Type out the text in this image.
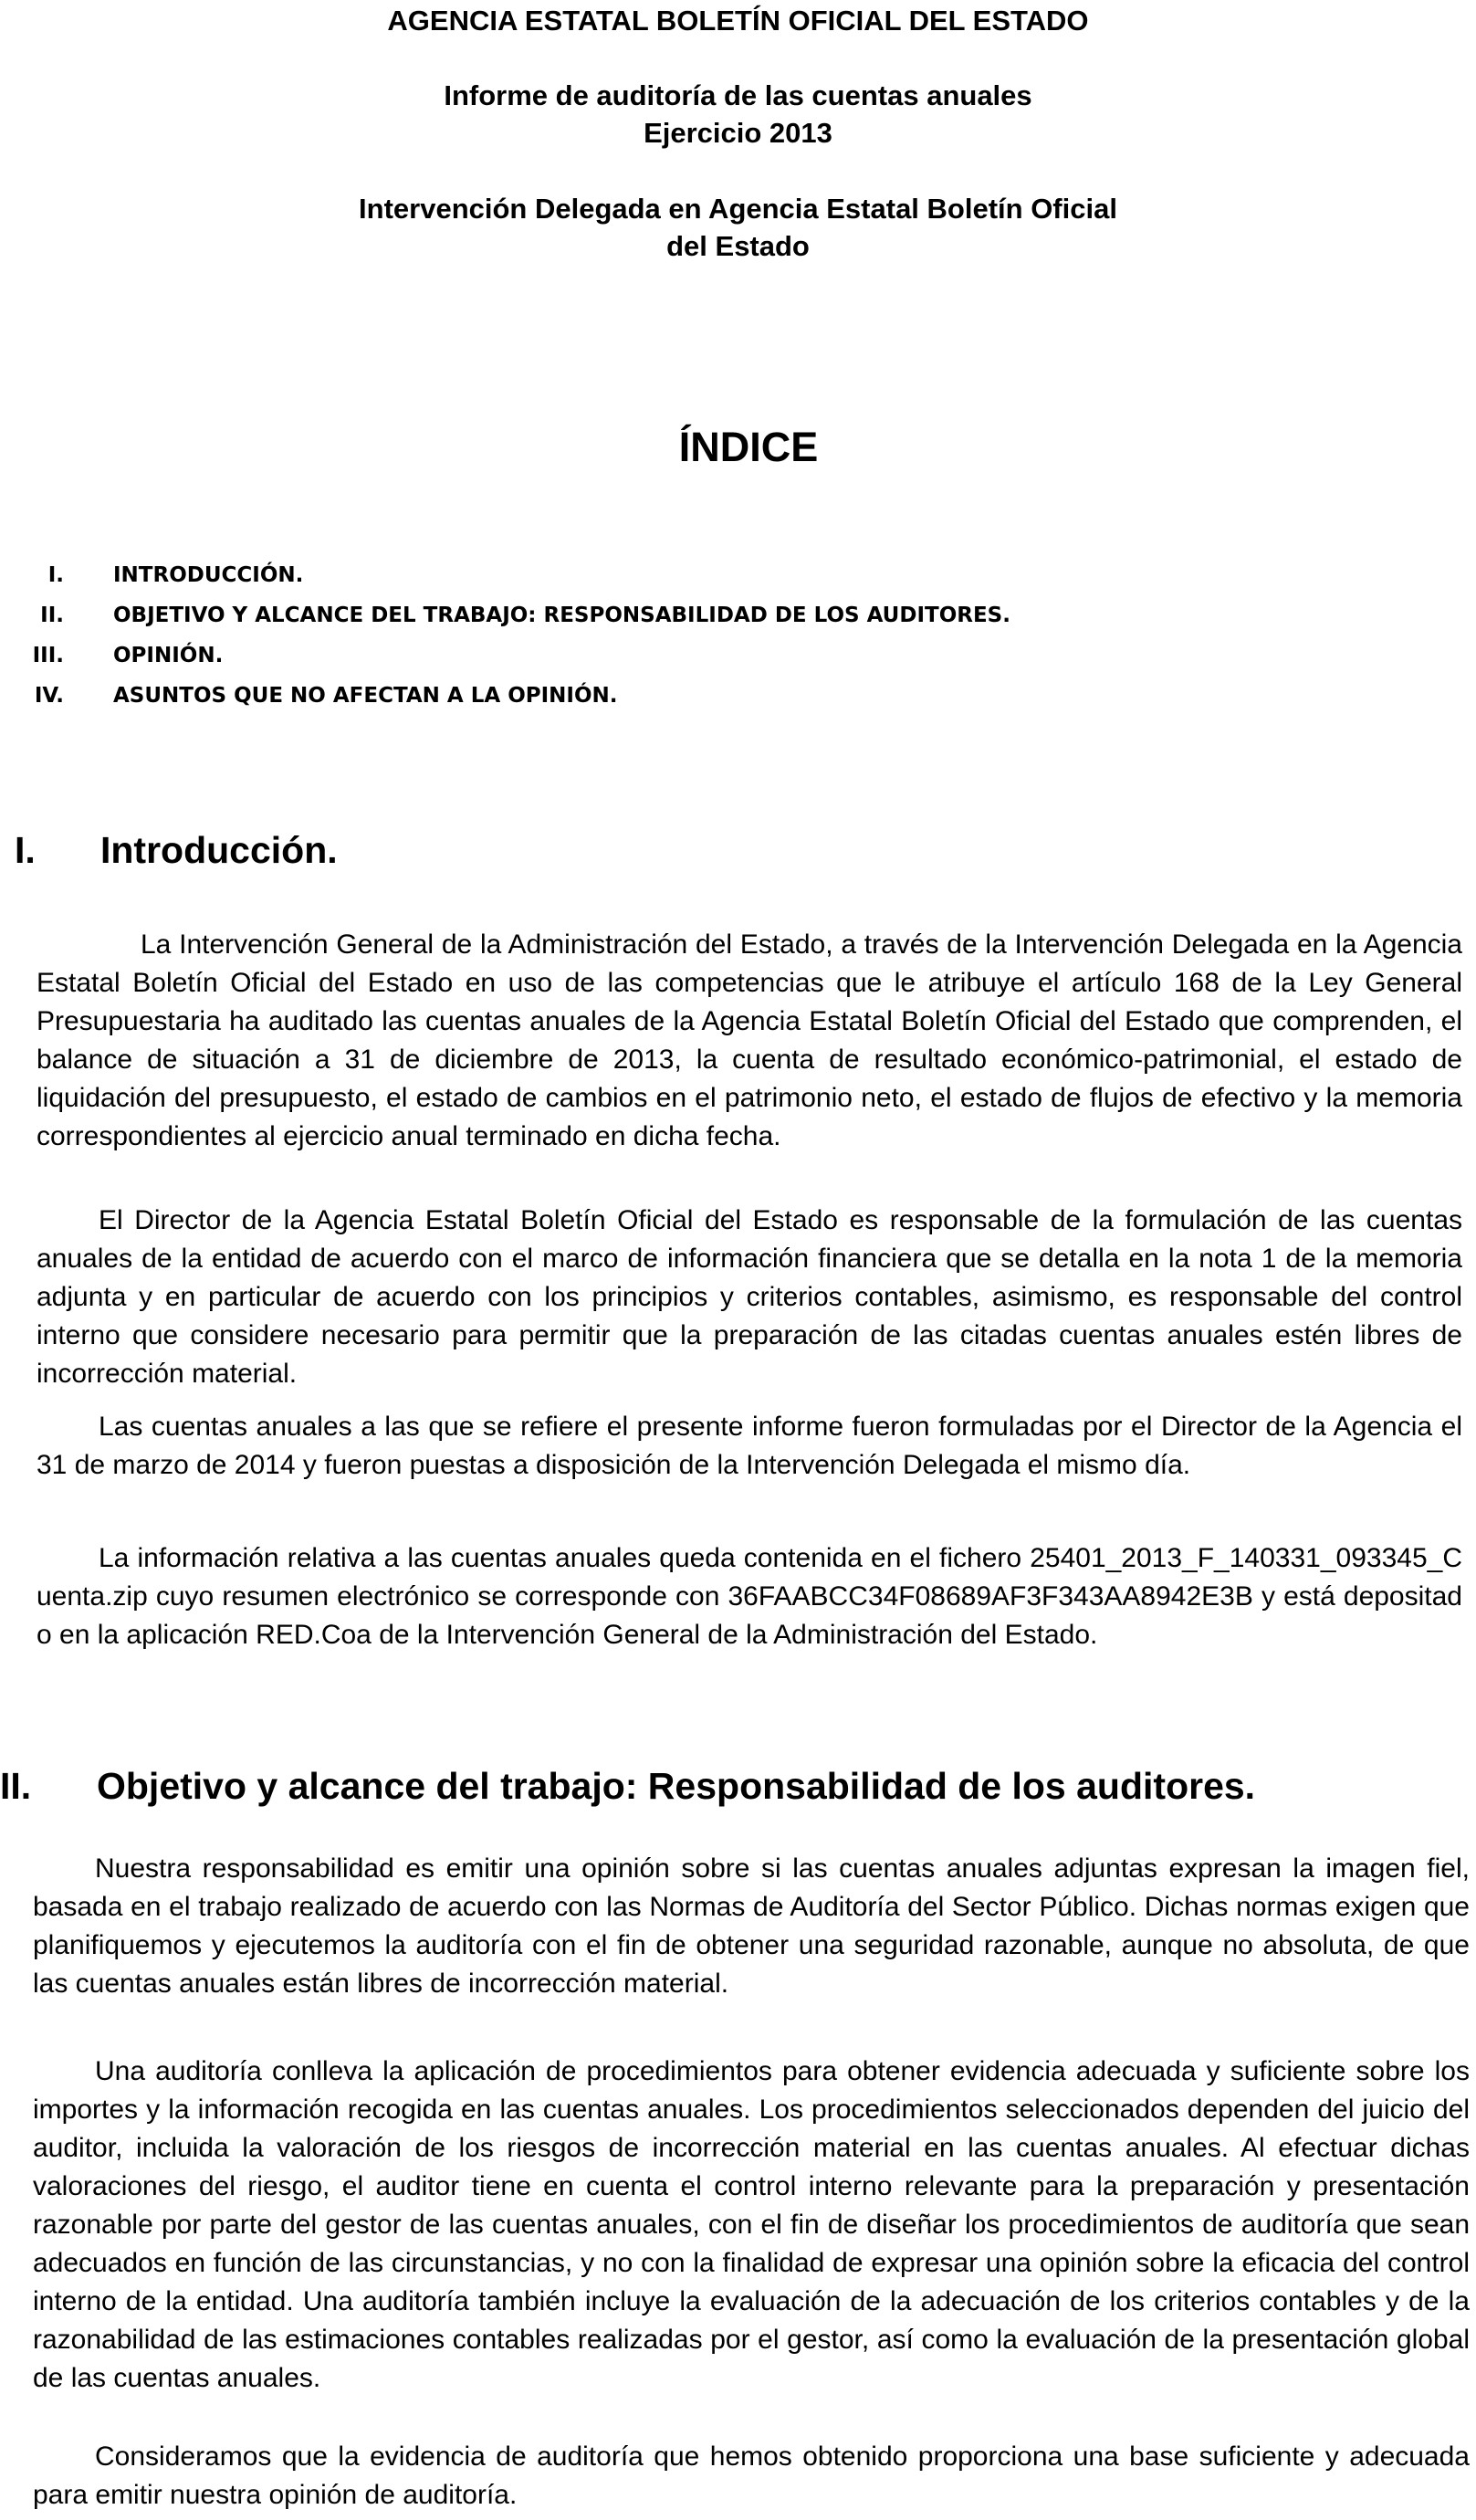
AGENCIA ESTATAL BOLETÍN OFICIAL DEL ESTADO

Informe de auditoría de las cuentas anuales
Ejercicio 2013
Intervención Delegada en Agencia Estatal Boletín Oficial
del Estado
ÍNDICE
I. INTRODUCCIÓN.
II. OBJETIVO Y ALCANCE DEL TRABAJO: RESPONSABILIDAD DE LOS AUDITORES.
III. OPINIÓN.
IV. ASUNTOS QUE NO AFECTAN A LA OPINIÓN.
I. Introducción.

La Intervención General de la Administración del Estado, a través de la Intervención Delegada en la Agencia Estatal Boletín Oficial del Estado en uso de las competencias que le atribuye el artículo 168 de la Ley General Presupuestaria ha auditado las cuentas anuales de la Agencia Estatal Boletín Oficial del Estado que comprenden, el balance de situación a 31 de diciembre de 2013, la cuenta de resultado económico-patrimonial, el estado de liquidación del presupuesto, el estado de cambios en el patrimonio neto, el estado de flujos de efectivo y la memoria correspondientes al ejercicio anual terminado en dicha fecha.

El Director de la Agencia Estatal Boletín Oficial del Estado es responsable de la formulación de las cuentas anuales de la entidad de acuerdo con el marco de información financiera que se detalla en la nota 1 de la memoria adjunta y en particular de acuerdo con los principios y criterios contables, asimismo, es responsable del control interno que considere necesario para permitir que la preparación de las citadas cuentas anuales estén libres de incorrección material.

Las cuentas anuales a las que se refiere el presente informe fueron formuladas por el Director de la Agencia el 31 de marzo de 2014 y fueron puestas a disposición de la Intervención Delegada el mismo día.

La información relativa a las cuentas anuales queda contenida en el fichero 25401_2013_F_140331_093345_Cuenta.zip cuyo resumen electrónico se corresponde con 36FAABCC34F08689AF3F343AA8942E3B y está depositado en la aplicación RED.Coa de la Intervención General de la Administración del Estado.

II. Objetivo y alcance del trabajo: Responsabilidad de los auditores.

Nuestra responsabilidad es emitir una opinión sobre si las cuentas anuales adjuntas expresan la imagen fiel, basada en el trabajo realizado de acuerdo con las Normas de Auditoría del Sector Público. Dichas normas exigen que planifiquemos y ejecutemos la auditoría con el fin de obtener una seguridad razonable, aunque no absoluta, de que las cuentas anuales están libres de incorrección material.

Una auditoría conlleva la aplicación de procedimientos para obtener evidencia adecuada y suficiente sobre los importes y la información recogida en las cuentas anuales. Los procedimientos seleccionados dependen del juicio del auditor, incluida la valoración de los riesgos de incorrección material en las cuentas anuales. Al efectuar dichas valoraciones del riesgo, el auditor tiene en cuenta el control interno relevante para la preparación y presentación razonable por parte del gestor de las cuentas anuales, con el fin de diseñar los procedimientos de auditoría que sean adecuados en función de las circunstancias, y no con la finalidad de expresar una opinión sobre la eficacia del control interno de la entidad. Una auditoría también incluye la evaluación de la adecuación de los criterios contables y de la razonabilidad de las estimaciones contables realizadas por el gestor, así como la evaluación de la presentación global de las cuentas anuales.

Consideramos que la evidencia de auditoría que hemos obtenido proporciona una base suficiente y adecuada para emitir nuestra opinión de auditoría.
